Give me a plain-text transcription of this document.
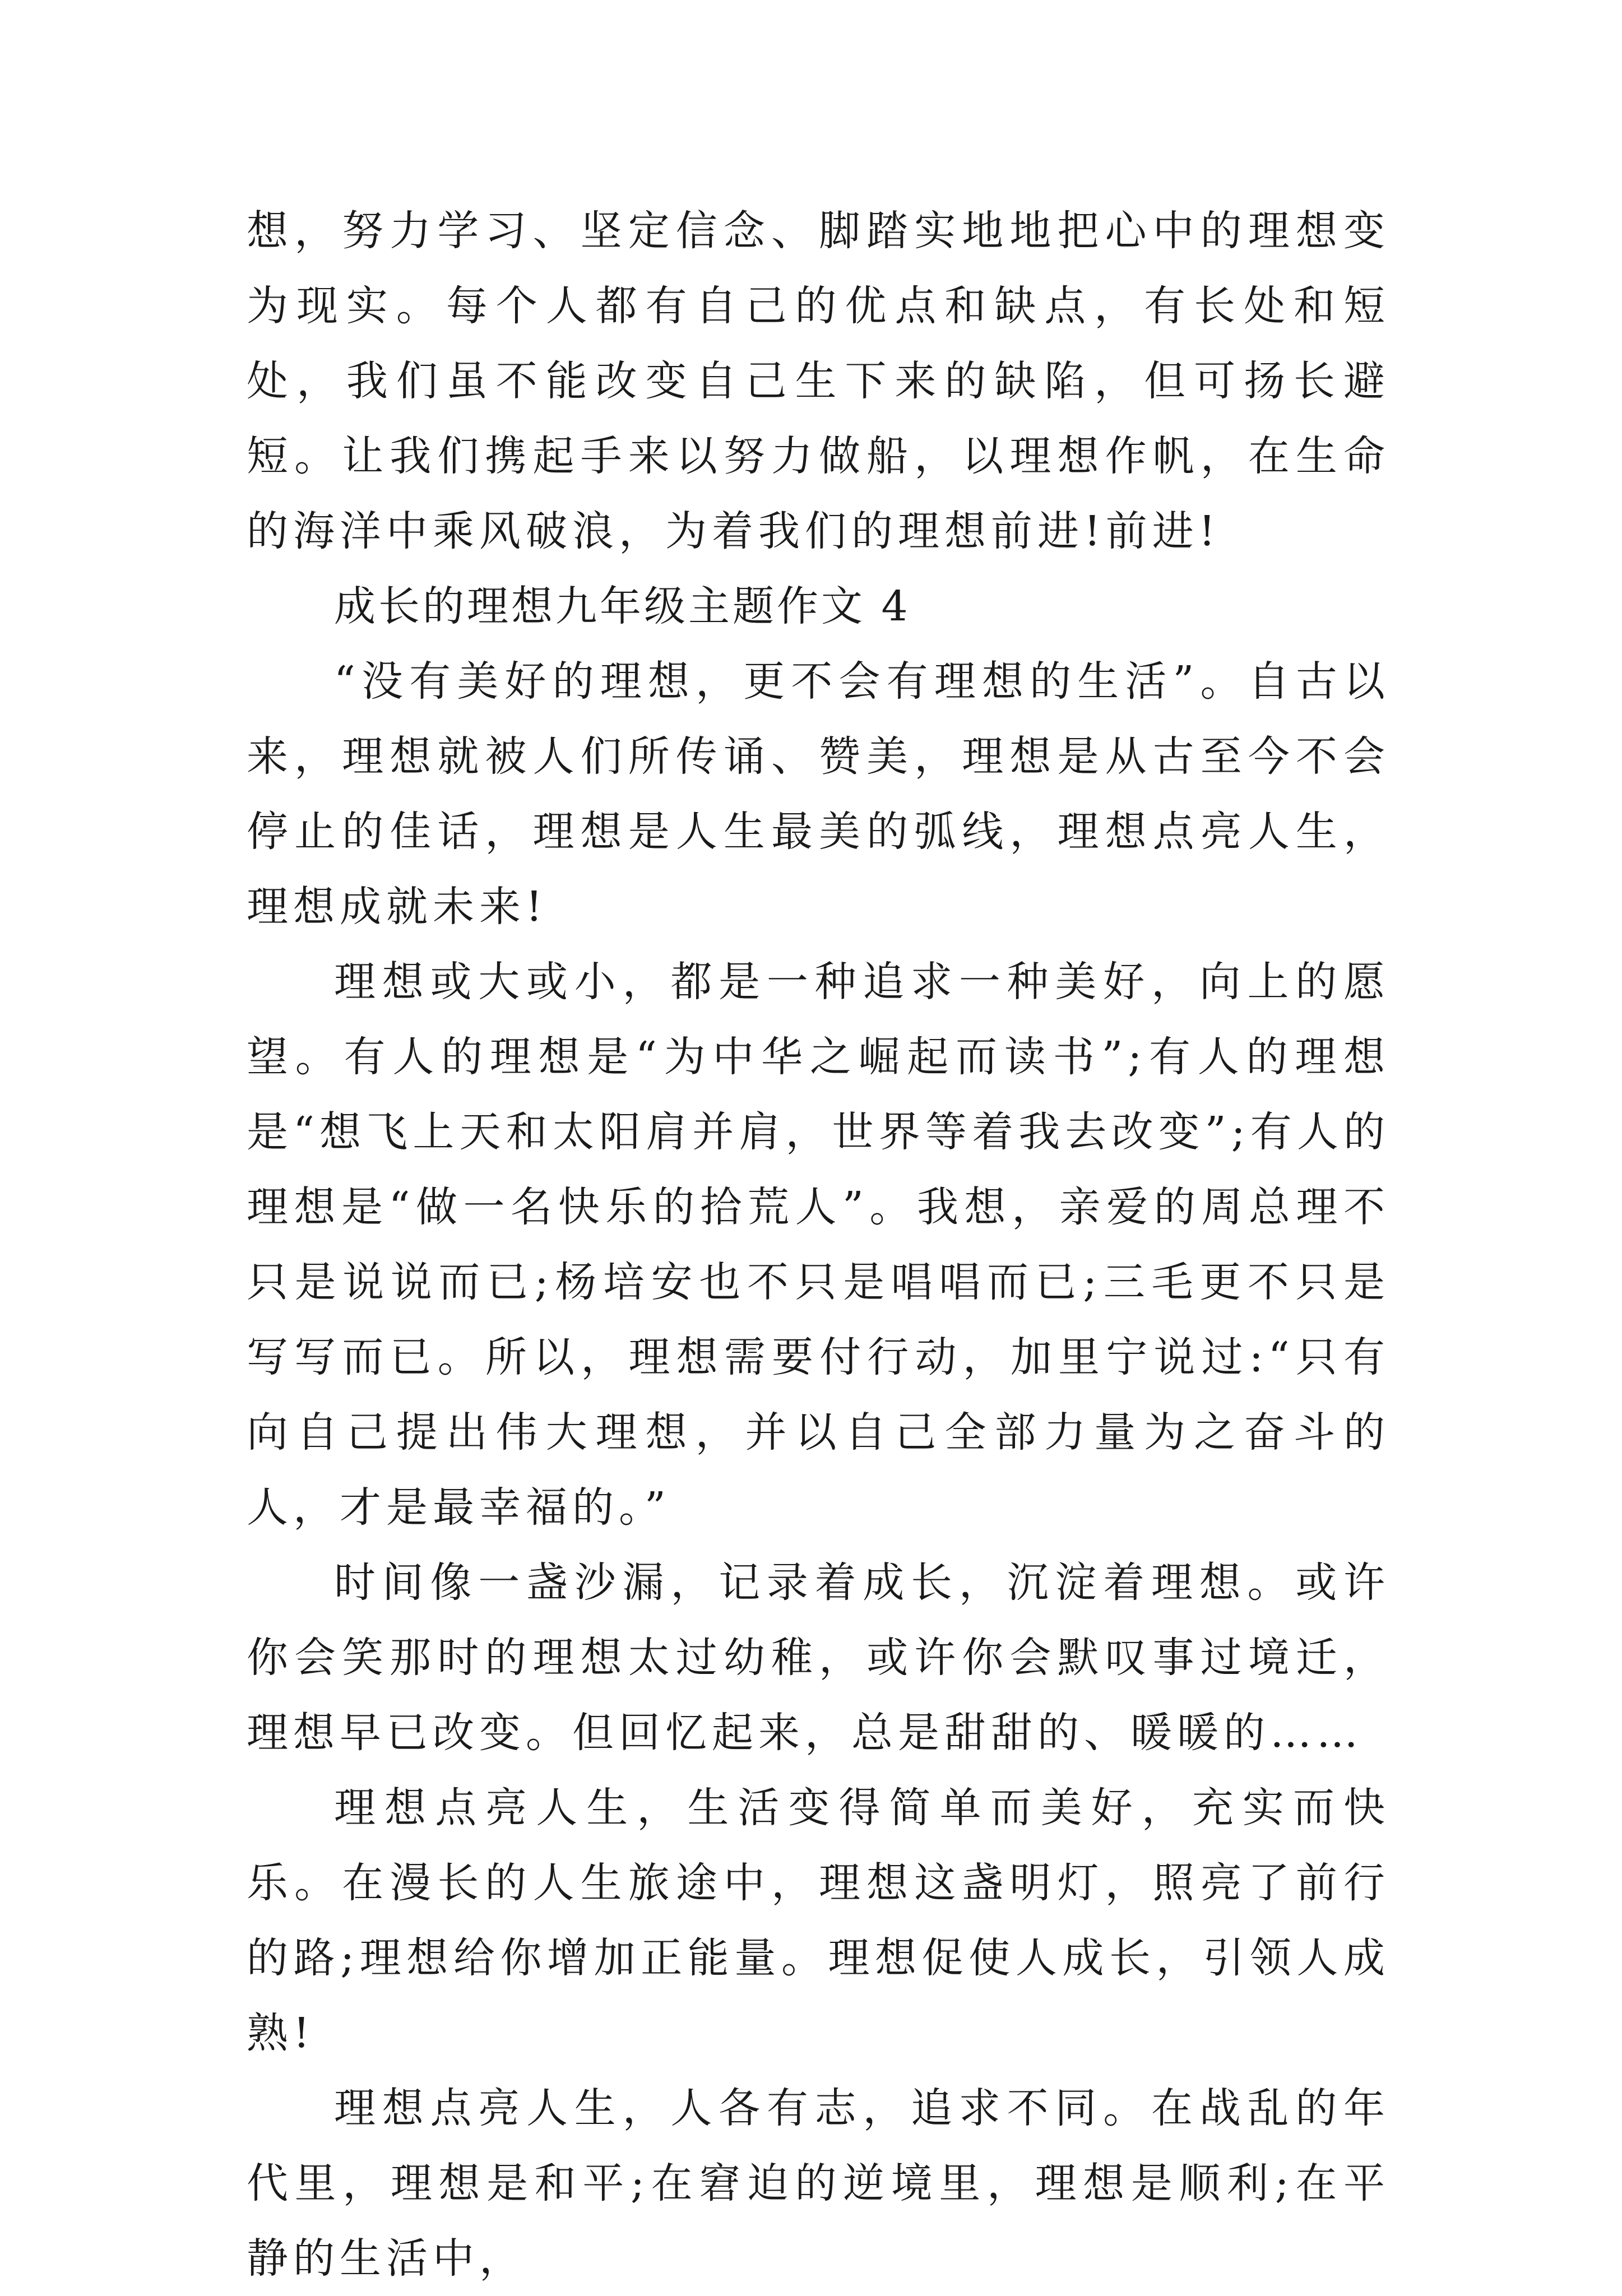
想，努力学习、坚定信念、脚踏实地地把心中的理想变为现实。每个人都有自己的优点和缺点，有长处和短处，我们虽不能改变自己生下来的缺陷，但可扬长避短。让我们携起手来以努力做船，以理想作帆，在生命的海洋中乘风破浪，为着我们的理想前进!前进!

成长的理想九年级主题作文 4

“没有美好的理想，更不会有理想的生活”。自古以来，理想就被人们所传诵、赞美，理想是从古至今不会停止的佳话，理想是人生最美的弧线，理想点亮人生，理想成就未来!

理想或大或小，都是一种追求一种美好，向上的愿望。有人的理想是“为中华之崛起而读书”;有人的理想是“想飞上天和太阳肩并肩，世界等着我去改变”;有人的理想是“做一名快乐的拾荒人”。我想，亲爱的周总理不只是说说而已;杨培安也不只是唱唱而已;三毛更不只是写写而已。所以，理想需要付行动，加里宁说过:“只有向自己提出伟大理想，并以自己全部力量为之奋斗的人，才是最幸福的。”

时间像一盏沙漏，记录着成长，沉淀着理想。或许你会笑那时的理想太过幼稚，或许你会默叹事过境迁，理想早已改变。但回忆起来，总是甜甜的、暖暖的……

理想点亮人生，生活变得简单而美好，充实而快乐。在漫长的人生旅途中，理想这盏明灯，照亮了前行的路;理想给你增加正能量。理想促使人成长，引领人成熟!

理想点亮人生，人各有志，追求不同。在战乱的年代里，理想是和平;在窘迫的逆境里，理想是顺利;在平静的生活中，
